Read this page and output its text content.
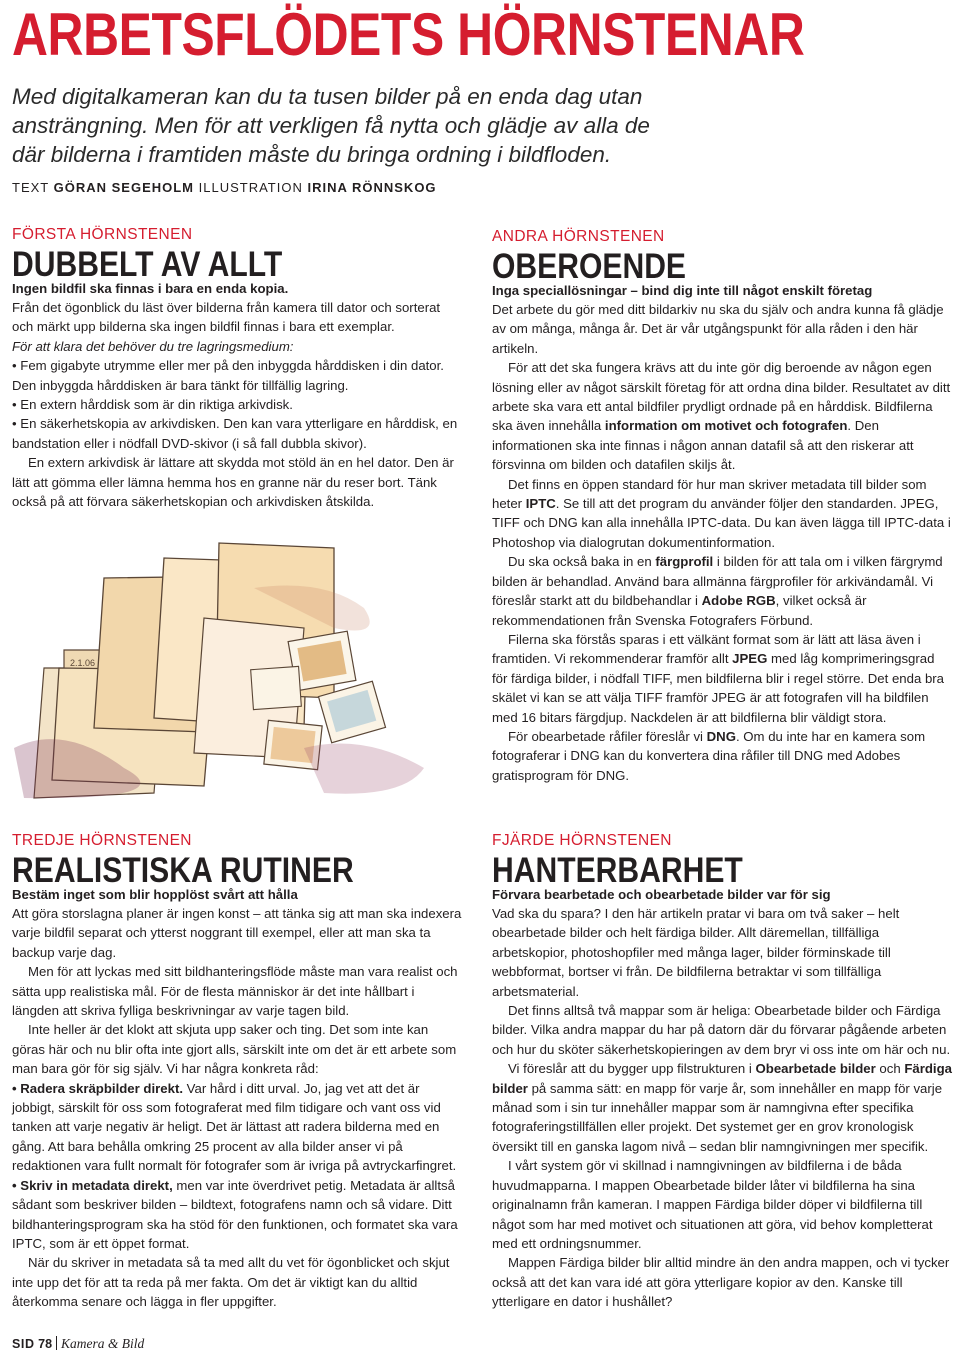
ARBETSFLÖDETS HÖRNSTENAR
Med digitalkameran kan du ta tusen bilder på en enda dag utan ansträngning. Men för att verkligen få nytta och glädje av alla de där bilderna i framtiden måste du bringa ordning i bildfloden.
TEXT GÖRAN SEGEHOLM ILLUSTRATION IRINA RÖNNSKOG
FÖRSTA HÖRNSTENEN
DUBBELT AV ALLT
Ingen bildfil ska finnas i bara en enda kopia.

Från det ögonblick du läst över bilderna från kamera till dator och sorterat och märkt upp bilderna ska ingen bildfil finnas i bara ett exemplar.

För att klara det behöver du tre lagringsmedium:

• Fem gigabyte utrymme eller mer på den inbyggda hårddisken i din dator. Den inbyggda hårddisken är bara tänkt för tillfällig lagring.

• En extern hårddisk som är din riktiga arkivdisk.

• En säkerhetskopia av arkivdisken. Den kan vara ytterligare en hårddisk, en bandstation eller i nödfall DVD-skivor (i så fall dubbla skivor).

En extern arkivdisk är lättare att skydda mot stöld än en hel dator. Den är lätt att gömma eller lämna hemma hos en granne när du reser bort. Tänk också på att förvara säkerhetskopian och arkivdisken åtskilda.

2.1.06
ANDRA HÖRNSTENEN
OBEROENDE
Inga speciallösningar – bind dig inte till något enskilt företag

Det arbete du gör med ditt bildarkiv nu ska du själv och andra kunna få glädje av om många, många år. Det är vår utgångspunkt för alla råden i den här artikeln.

För att det ska fungera krävs att du inte gör dig beroende av någon egen lösning eller av något särskilt företag för att ordna dina bilder. Resultatet av ditt arbete ska vara ett antal bildfiler prydligt ordnade på en hårddisk. Bildfilerna ska även innehålla information om motivet och fotografen. Den informationen ska inte finnas i någon annan datafil så att den riskerar att försvinna om bilden och datafilen skiljs åt.

Det finns en öppen standard för hur man skriver metadata till bilder som heter IPTC. Se till att det program du använder följer den standarden. JPEG, TIFF och DNG kan alla innehålla IPTC-data. Du kan även lägga till IPTC-data i Photoshop via dialogrutan dokumentinformation.

Du ska också baka in en färgprofil i bilden för att tala om i vilken färgrymd bilden är behandlad. Använd bara allmänna färgprofiler för arkivändamål. Vi föreslår starkt att du bildbehandlar i Adobe RGB, vilket också är rekommendationen från Svenska Fotografers Förbund.

Filerna ska förstås sparas i ett välkänt format som är lätt att läsa även i framtiden. Vi rekommenderar framför allt JPEG med låg komprimeringsgrad för färdiga bilder, i nödfall TIFF, men bildfilerna blir i regel större. Det enda bra skälet vi kan se att välja TIFF framför JPEG är att fotografen vill ha bildfilen med 16 bitars färgdjup. Nackdelen är att bildfilerna blir väldigt stora.

För obearbetade råfiler föreslår vi DNG. Om du inte har en kamera som fotograferar i DNG kan du konvertera dina råfiler till DNG med Adobes gratisprogram för DNG.

TREDJE HÖRNSTENEN
REALISTISKA RUTINER
Bestäm inget som blir hopplöst svårt att hålla

Att göra storslagna planer är ingen konst – att tänka sig att man ska indexera varje bildfil separat och ytterst noggrant till exempel, eller att man ska ta backup varje dag.

Men för att lyckas med sitt bildhanteringsflöde måste man vara realist och sätta upp realistiska mål. För de flesta människor är det inte hållbart i längden att skriva fylliga beskrivningar av varje tagen bild.

Inte heller är det klokt att skjuta upp saker och ting. Det som inte kan göras här och nu blir ofta inte gjort alls, särskilt inte om det är ett arbete som man bara gör för sig själv. Vi har några konkreta råd:

• Radera skräpbilder direkt. Var hård i ditt urval. Jo, jag vet att det är jobbigt, särskilt för oss som fotograferat med film tidigare och vant oss vid tanken att varje negativ är heligt. Det är lättast att radera bilderna med en gång. Att bara behålla omkring 25 procent av alla bilder anser vi på redaktionen vara fullt normalt för fotografer som är ivriga på avtryckarfingret.

• Skriv in metadata direkt, men var inte överdrivet petig. Metadata är alltså sådant som beskriver bilden – bildtext, fotografens namn och så vidare. Ditt bildhanteringsprogram ska ha stöd för den funktionen, och formatet ska vara IPTC, som är ett öppet format.

När du skriver in metadata så ta med allt du vet för ögonblicket och skjut inte upp det för att ta reda på mer fakta. Om det är viktigt kan du alltid återkomma senare och lägga in fler uppgifter.

FJÄRDE HÖRNSTENEN
HANTERBARHET
Förvara bearbetade och obearbetade bilder var för sig

Vad ska du spara? I den här artikeln pratar vi bara om två saker – helt obearbetade bilder och helt färdiga bilder. Allt däremellan, tillfälliga arbetskopior, photoshopfiler med många lager, bilder förminskade till webbformat, bortser vi från. De bildfilerna betraktar vi som tillfälliga arbetsmaterial.

Det finns alltså två mappar som är heliga: Obearbetade bilder och Färdiga bilder. Vilka andra mappar du har på datorn där du förvarar pågående arbeten och hur du sköter säkerhetskopieringen av dem bryr vi oss inte om här och nu.

Vi föreslår att du bygger upp filstrukturen i Obearbetade bilder och Färdiga bilder på samma sätt: en mapp för varje år, som innehåller en mapp för varje månad som i sin tur innehåller mappar som är namngivna efter specifika fotograferingstillfällen eller projekt. Det systemet ger en grov kronologisk översikt till en ganska lagom nivå – sedan blir namngivningen mer specifik.

I vårt system gör vi skillnad i namngivningen av bildfilerna i de båda huvudmapparna. I mappen Obearbetade bilder låter vi bildfilerna ha sina originalnamn från kameran. I mappen Färdiga bilder döper vi bildfilerna till något som har med motivet och situationen att göra, vid behov kompletterat med ett ordningsnummer.

Mappen Färdiga bilder blir alltid mindre än den andra mappen, och vi tycker också att det kan vara idé att göra ytterligare kopior av den. Kanske till ytterligare en dator i hushållet?

SID 78 Kamera & Bild
